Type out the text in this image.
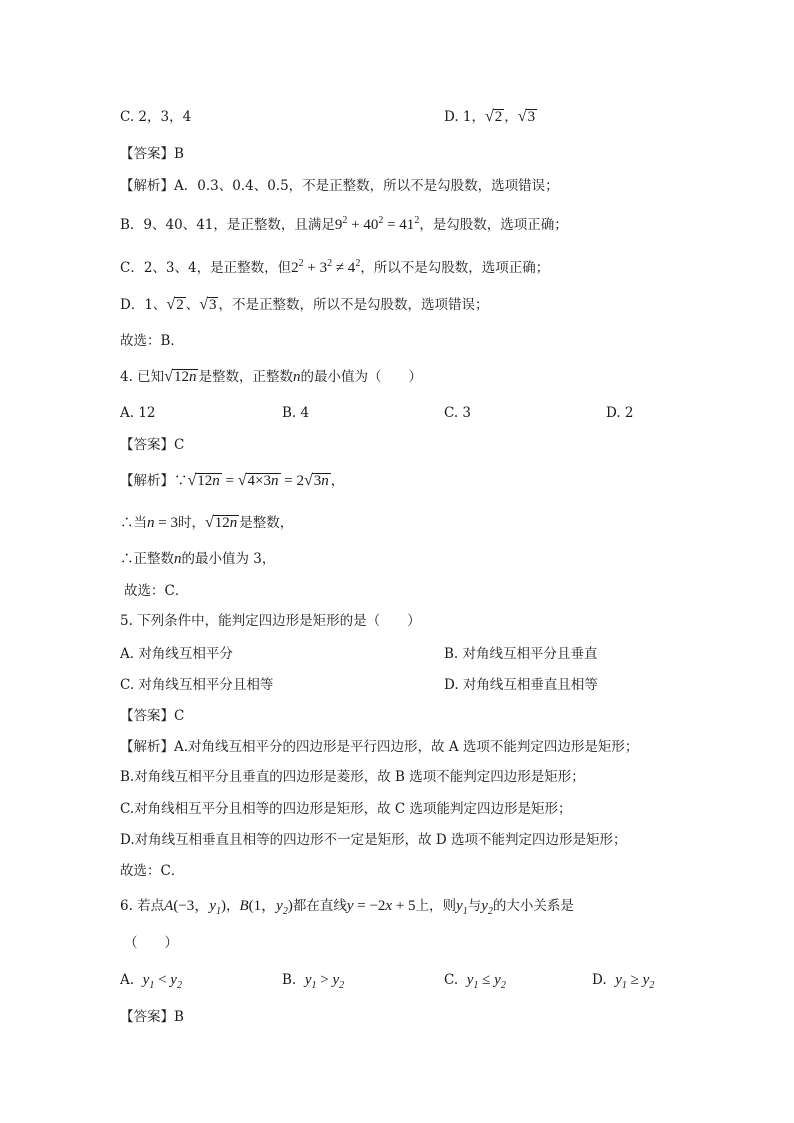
C. 2，3，4	D. 1，√2 ，√3
【答案】B
【解析】A．0.3、0.4、0.5，不是正整数，所以不是勾股数，选项错误；
B．9、40、41，是正整数，且满足$9^2 + 40^2 = 41^2$，是勾股数，选项正确；
C．2、3、4，是正整数，但$2^2 + 3^2 \ne 4^2$，所以不是勾股数，选项正确；
D．1、√2 、√3 ，不是正整数，所以不是勾股数，选项错误；
故选：B．
4. 已知√12n 是整数，正整数n的最小值为（　　）
A. 12	B. 4	C. 3	D. 2
【答案】C
【解析】∵√12n = √4×3n = 2√3n ，
∴当n = 3时，√12n 是整数，
∴正整数n的最小值为 3，
故选：C．
5. 下列条件中，能判定四边形是矩形的是（　　）
A. 对角线互相平分	B. 对角线互相平分且垂直
C. 对角线互相平分且相等	D. 对角线互相垂直且相等
【答案】C
【解析】A.对角线互相平分的四边形是平行四边形，故 A 选项不能判定四边形是矩形；
B.对角线互相平分且垂直的四边形是菱形，故 B 选项不能判定四边形是矩形；
C.对角线相互平分且相等的四边形是矩形，故 C 选项能判定四边形是矩形；
D.对角线互相垂直且相等的四边形不一定是矩形，故 D 选项不能判定四边形是矩形；
故选：C．
6. 若点A(−3，$y_1$)，B(1，$y_2$)都在直线y = −2x + 5上，则$y_1$与$y_2$的大小关系是
（　　）
A. $y_1 < y_2$	B. $y_1 > y_2$	C. $y_1 \le y_2$	D. $y_1 \ge y_2$
【答案】B
